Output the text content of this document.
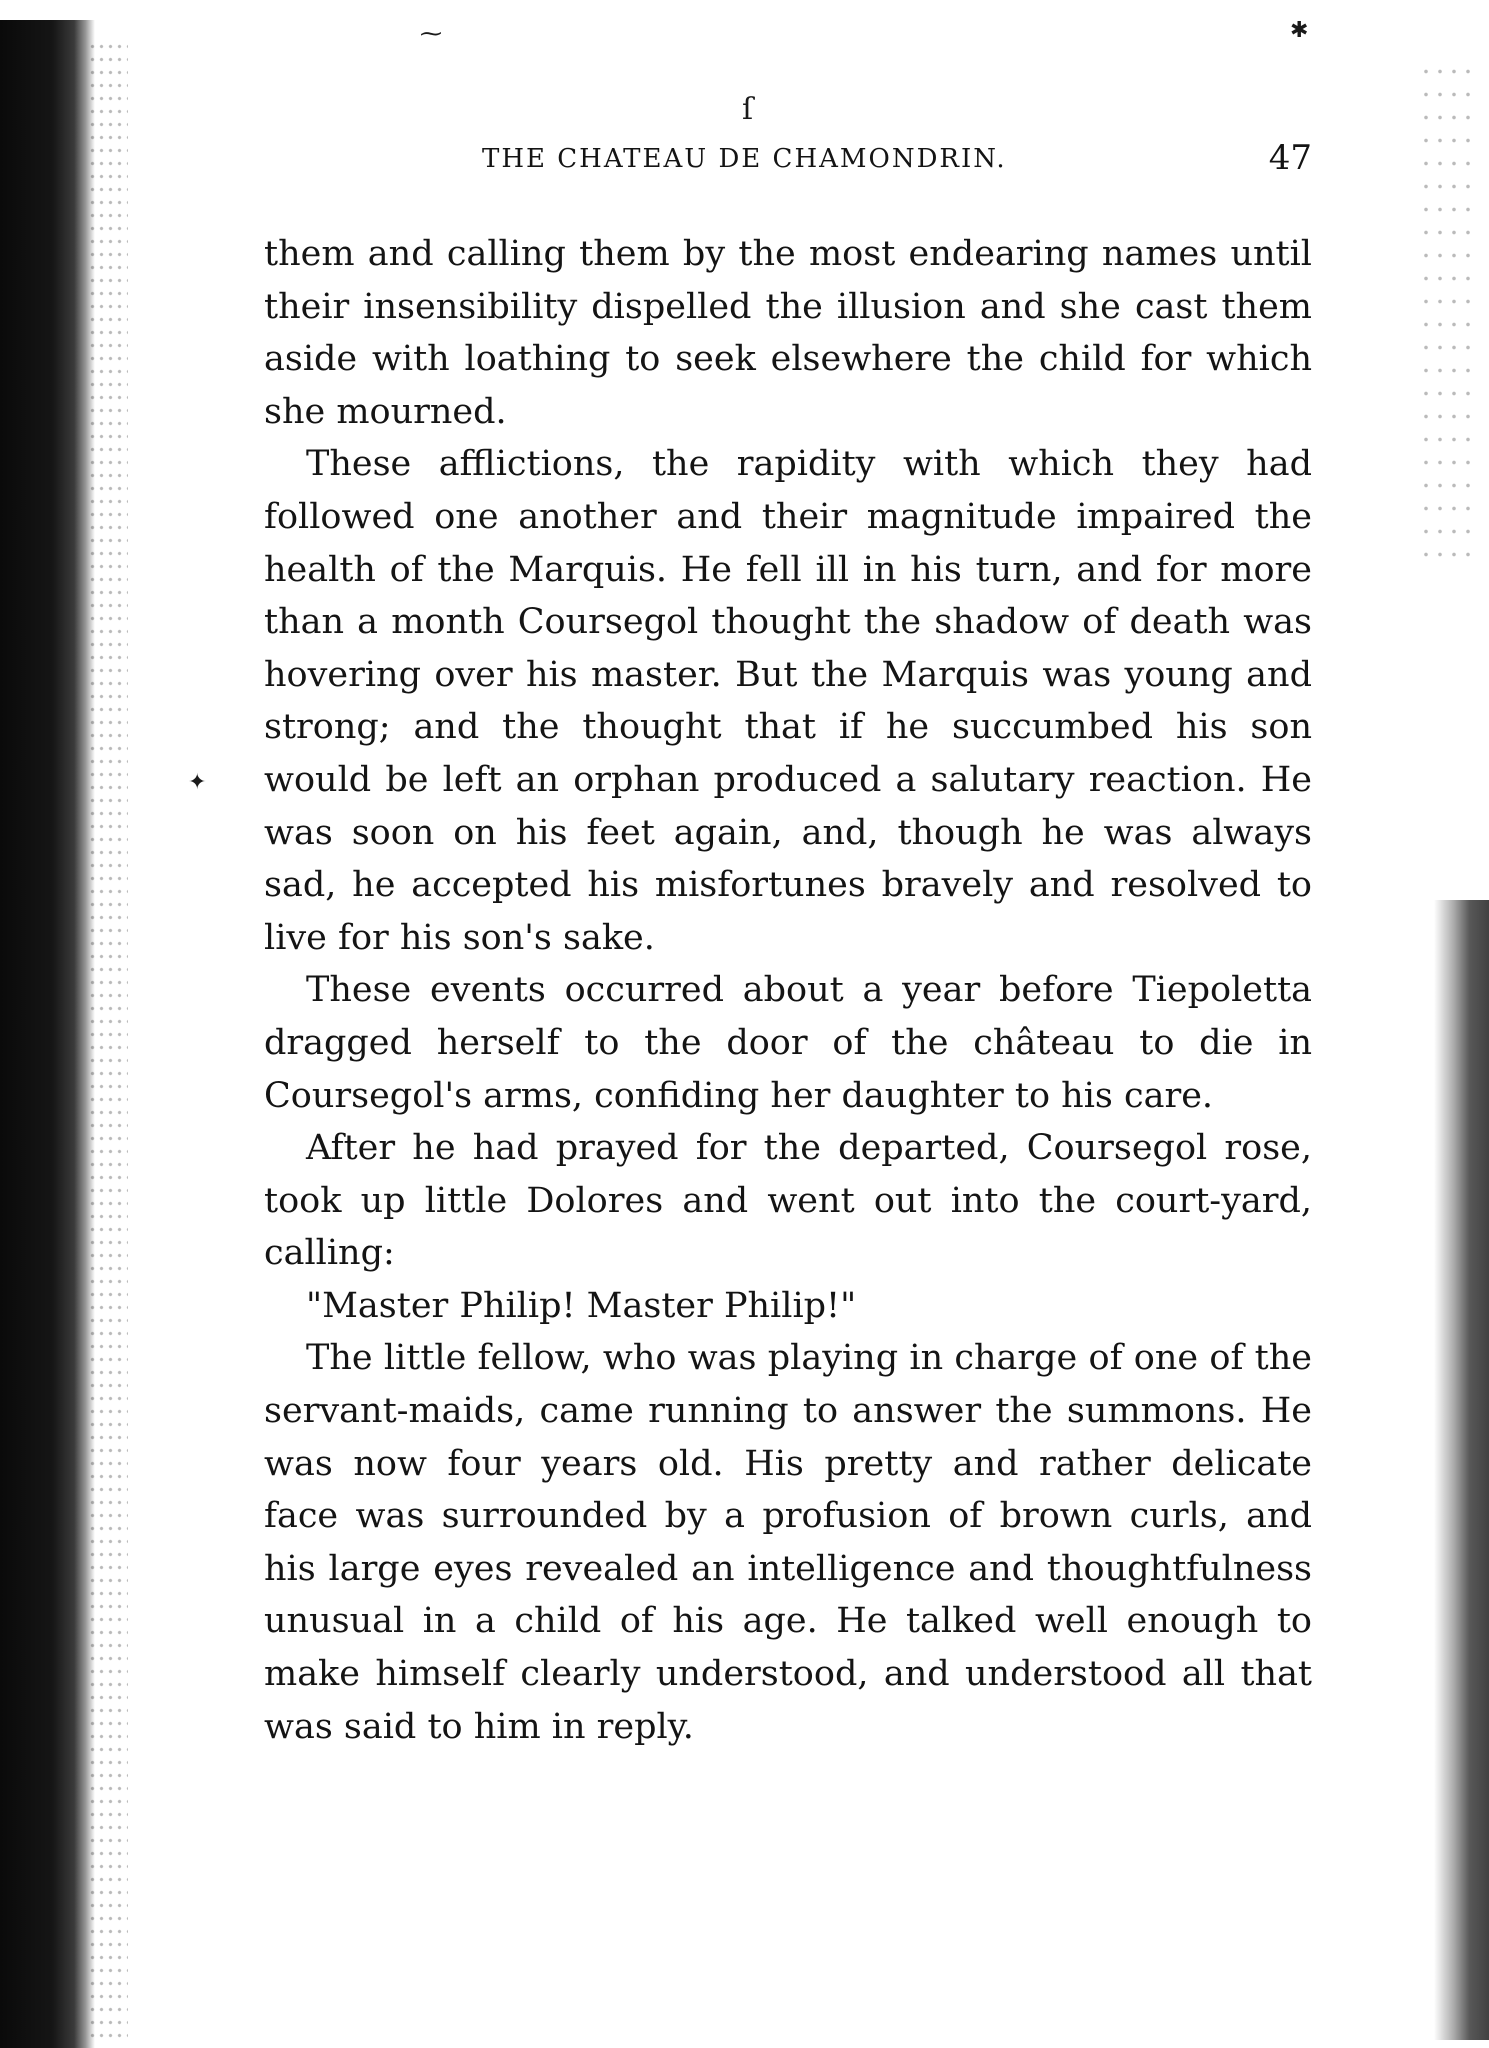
⁓
ſ
✱
✦
THE CHATEAU DE CHAMONDRIN.	47

them and calling them by the most endearing names until their insensibility dispelled the illusion and she cast them aside with loathing to seek elsewhere the child for which she mourned.

These afflictions, the rapidity with which they had followed one another and their magnitude impaired the health of the Marquis. He fell ill in his turn, and for more than a month Coursegol thought the shadow of death was hovering over his master. But the Marquis was young and strong; and the thought that if he succumbed his son would be left an orphan produced a salutary reaction. He was soon on his feet again, and, though he was always sad, he accepted his misfortunes bravely and resolved to live for his son's sake.

These events occurred about a year before Tiepoletta dragged herself to the door of the château to die in Coursegol's arms, confiding her daughter to his care.

After he had prayed for the departed, Coursegol rose, took up little Dolores and went out into the court-yard, calling:

"Master Philip! Master Philip!"

The little fellow, who was playing in charge of one of the servant-maids, came running to answer the summons. He was now four years old. His pretty and rather delicate face was surrounded by a profusion of brown curls, and his large eyes revealed an intelligence and thoughtfulness unusual in a child of his age. He talked well enough to make himself clearly understood, and understood all that was said to him in reply.
